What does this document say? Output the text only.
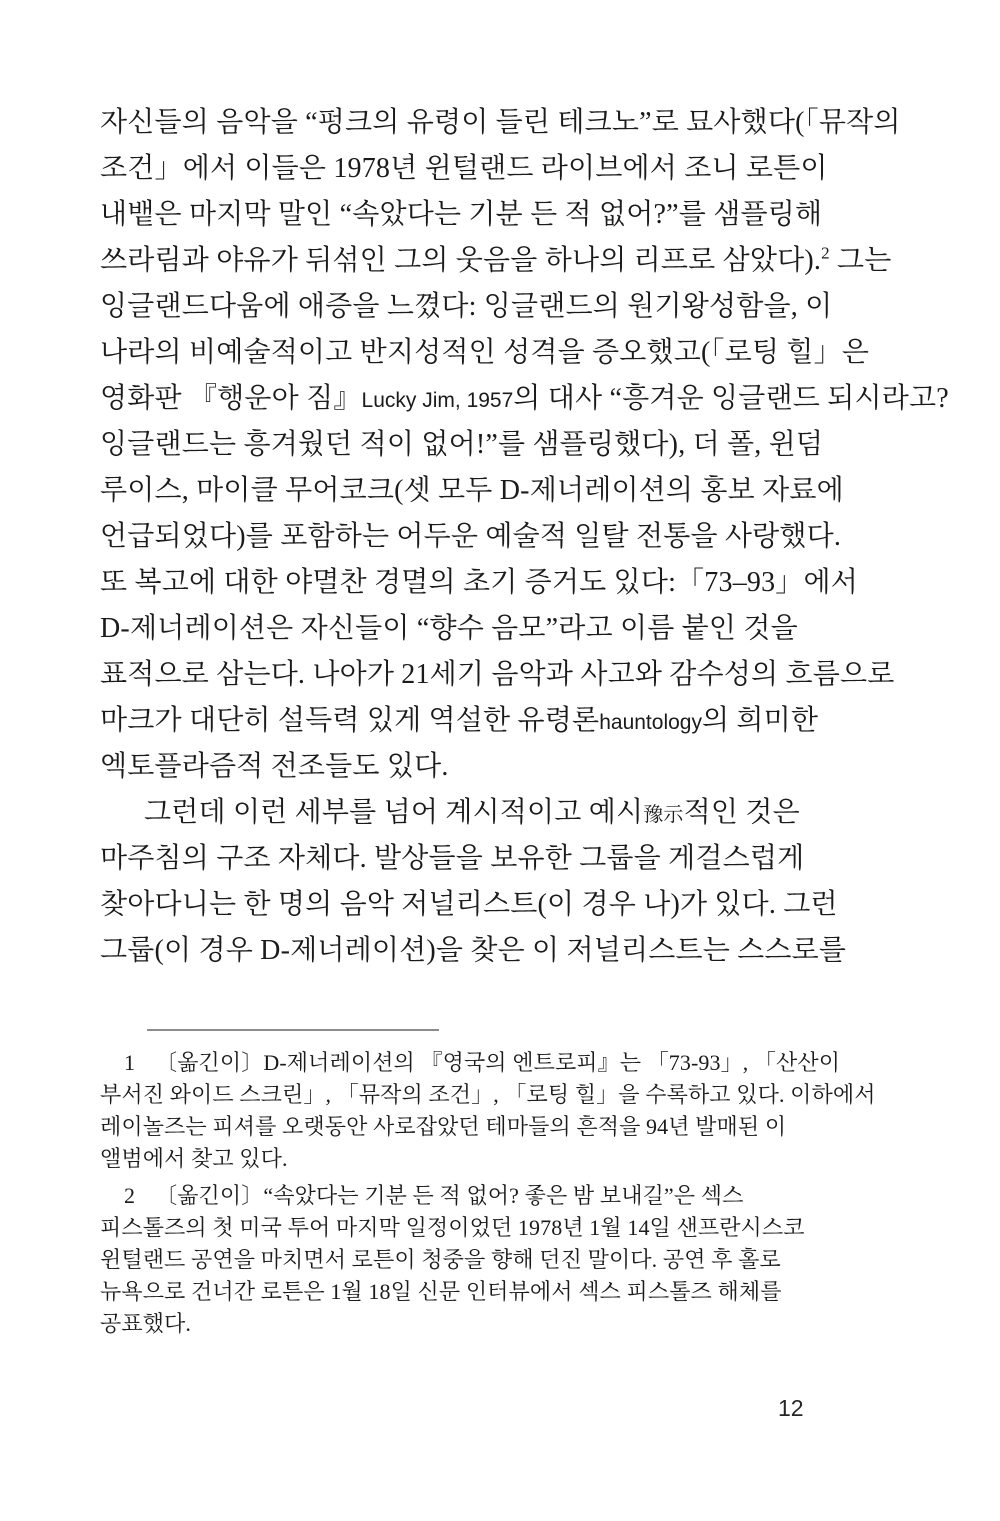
자신들의 음악을 “펑크의 유령이 들린 테크노”로 묘사했다(「뮤작의
조건」에서 이들은 1978년 윈털랜드 라이브에서 조니 로튼이
내뱉은 마지막 말인 “속았다는 기분 든 적 없어?”를 샘플링해
쓰라림과 야유가 뒤섞인 그의 웃음을 하나의 리프로 삼았다).$^2$ 그는
잉글랜드다움에 애증을 느꼈다: 잉글랜드의 원기왕성함을, 이
나라의 비예술적이고 반지성적인 성격을 증오했고(「로팅 힐」은
영화판 『행운아 짐』Lucky Jim, 1957의 대사 “흥겨운 잉글랜드 되시라고?
잉글랜드는 흥겨웠던 적이 없어!”를 샘플링했다), 더 폴, 윈덤
루이스, 마이클 무어코크(셋 모두 D-제너레이션의 홍보 자료에
언급되었다)를 포함하는 어두운 예술적 일탈 전통을 사랑했다.
또 복고에 대한 야멸찬 경멸의 초기 증거도 있다:「73–93」에서
D-제너레이션은 자신들이 “향수 음모”라고 이름 붙인 것을
표적으로 삼는다. 나아가 21세기 음악과 사고와 감수성의 흐름으로
마크가 대단히 설득력 있게 역설한 유령론hauntology의 희미한
엑토플라즘적 전조들도 있다.
그런데 이런 세부를 넘어 계시적이고 예시豫示적인 것은
마주침의 구조 자체다. 발상들을 보유한 그룹을 게걸스럽게
찾아다니는 한 명의 음악 저널리스트(이 경우 나)가 있다. 그런
그룹(이 경우 D-제너레이션)을 찾은 이 저널리스트는 스스로를
1 〔옮긴이〕D-제너레이션의 『영국의 엔트로피』는 「73-93」, 「산산이
부서진 와이드 스크린」, 「뮤작의 조건」, 「로팅 힐」을 수록하고 있다. 이하에서
레이놀즈는 피셔를 오랫동안 사로잡았던 테마들의 흔적을 94년 발매된 이
앨범에서 찾고 있다.
2 〔옮긴이〕“속았다는 기분 든 적 없어? 좋은 밤 보내길”은 섹스
피스톨즈의 첫 미국 투어 마지막 일정이었던 1978년 1월 14일 샌프란시스코
윈털랜드 공연을 마치면서 로튼이 청중을 향해 던진 말이다. 공연 후 홀로
뉴욕으로 건너간 로튼은 1월 18일 신문 인터뷰에서 섹스 피스톨즈 해체를
공표했다.
12
